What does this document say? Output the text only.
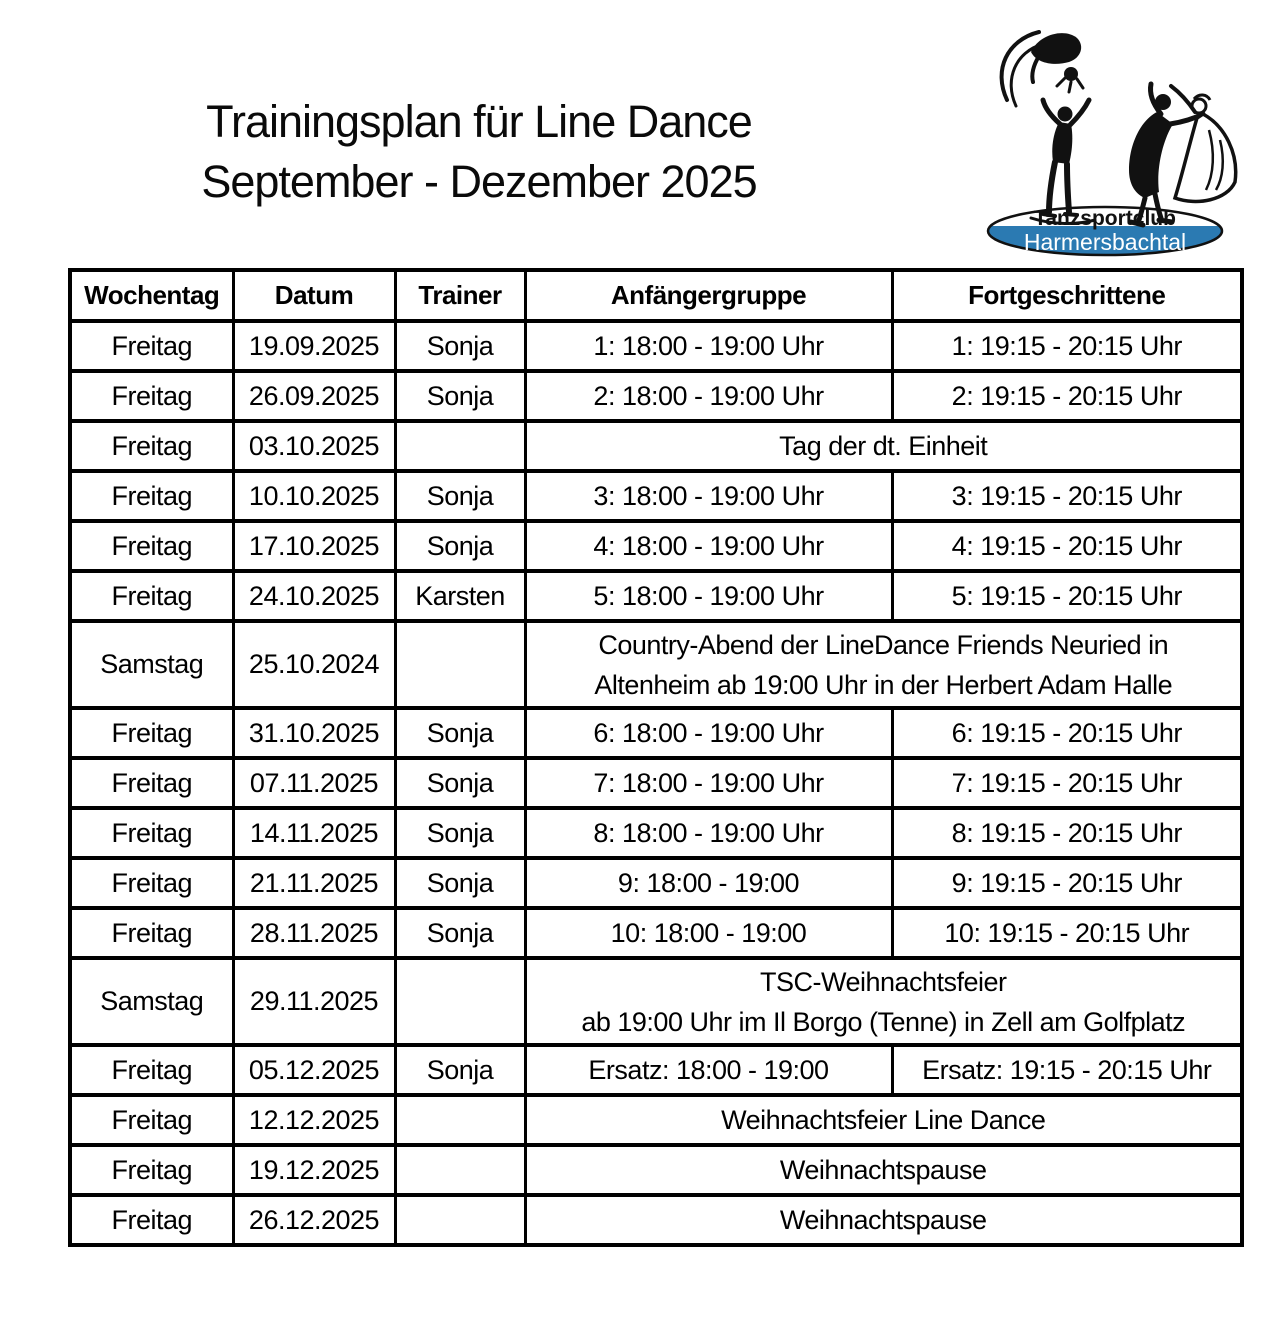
Trainingsplan für Line Dance
September - Dezember 2025
Tanzsportclub
Harmersbachtal
Wochentag	Datum	Trainer	Anfängergruppe	Fortgeschrittene
Freitag	19.09.2025	Sonja	1: 18:00 - 19:00 Uhr	1: 19:15 - 20:15 Uhr
Freitag	26.09.2025	Sonja	2: 18:00 - 19:00 Uhr	2: 19:15 - 20:15 Uhr
Freitag	03.10.2025		Tag der dt. Einheit	
Freitag	10.10.2025	Sonja	3: 18:00 - 19:00 Uhr	3: 19:15 - 20:15 Uhr
Freitag	17.10.2025	Sonja	4: 18:00 - 19:00 Uhr	4: 19:15 - 20:15 Uhr
Freitag	24.10.2025	Karsten	5: 18:00 - 19:00 Uhr	5: 19:15 - 20:15 Uhr
Samstag	25.10.2024		Country-Abend der LineDance Friends Neuried in
Altenheim ab 19:00 Uhr in der Herbert Adam Halle	

Freitag	31.10.2025	Sonja	6: 18:00 - 19:00 Uhr	6: 19:15 - 20:15 Uhr
Freitag	07.11.2025	Sonja	7: 18:00 - 19:00 Uhr	7: 19:15 - 20:15 Uhr
Freitag	14.11.2025	Sonja	8: 18:00 - 19:00 Uhr	8: 19:15 - 20:15 Uhr
Freitag	21.11.2025	Sonja	9: 18:00 - 19:00	9: 19:15 - 20:15 Uhr
Freitag	28.11.2025	Sonja	10: 18:00 - 19:00	10: 19:15 - 20:15 Uhr
Samstag	29.11.2025		TSC-Weihnachtsfeier
ab 19:00 Uhr im Il Borgo (Tenne) in Zell am Golfplatz	

Freitag	05.12.2025	Sonja	Ersatz: 18:00 - 19:00	Ersatz: 19:15 - 20:15 Uhr
Freitag	12.12.2025		Weihnachtsfeier Line Dance	
Freitag	19.12.2025		Weihnachtspause	
Freitag	26.12.2025		Weihnachtspause	
